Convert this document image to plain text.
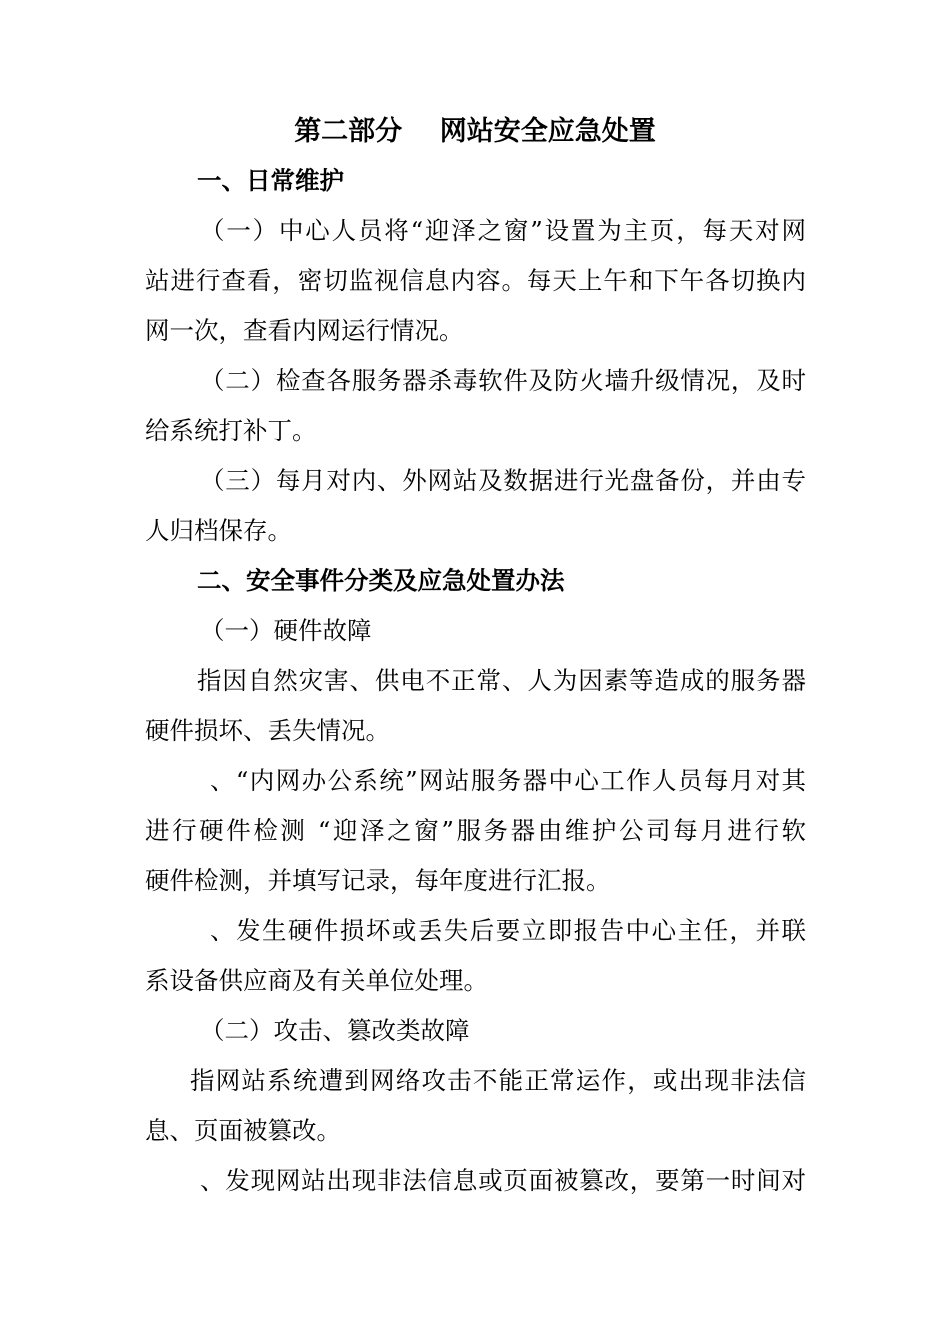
第二部分    网站安全应急处置
一、日常维护
（一）中心人员将“迎泽之窗”设置为主页，每天对网
站进行查看，密切监视信息内容。每天上午和下午各切换内
网一次，查看内网运行情况。
（二）检查各服务器杀毒软件及防火墙升级情况，及时
给系统打补丁。
（三）每月对内、外网站及数据进行光盘备份，并由专
人归档保存。
二、安全事件分类及应急处置办法
（一）硬件故障
指因自然灾害、供电不正常、人为因素等造成的服务器
硬件损坏、丢失情况。
、“内网办公系统”网站服务器中心工作人员每月对其
进行硬件检测 “迎泽之窗”服务器由维护公司每月进行软
硬件检测，并填写记录，每年度进行汇报。
、发生硬件损坏或丢失后要立即报告中心主任，并联
系设备供应商及有关单位处理。
（二）攻击、篡改类故障
指网站系统遭到网络攻击不能正常运作，或出现非法信
息、页面被篡改。
、发现网站出现非法信息或页面被篡改，要第一时间对
